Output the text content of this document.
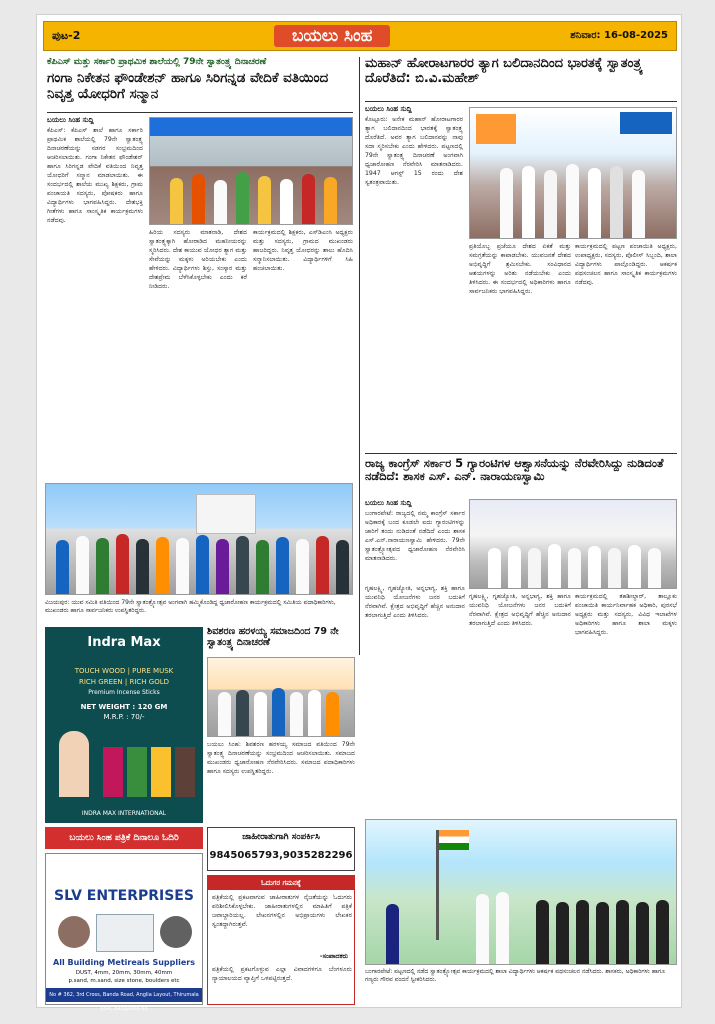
ಪುಟ-2	ಬಯಲು ಸಿಂಹ	ಶನಿವಾರ: 16-08-2025
ಕೆಪಿಎಸ್ ಮತ್ತು ಸರ್ಕಾರಿ ಪ್ರಾಥಮಿಕ ಶಾಲೆಯಲ್ಲಿ 79ನೇ ಸ್ವಾತಂತ್ರ್ಯ ದಿನಾಚರಣೆ
ಗಂಗಾ ನಿಕೇತನ ಫೌಂಡೇಶನ್ ಹಾಗೂ ಸಿರಿಗನ್ನಡ ವೇದಿಕೆ ವತಿಯಿಂದ ನಿವೃತ್ತ ಯೋಧರಿಗೆ ಸನ್ಮಾನ
ಬಯಲು ಸಿಂಹ ಸುದ್ದಿ
ಕೆಪಿಎಸ್: ಕೆಪಿಎಸ್ ಶಾಲೆ ಹಾಗೂ ಸರ್ಕಾರಿ ಪ್ರಾಥಮಿಕ ಶಾಲೆಯಲ್ಲಿ 79ನೇ ಸ್ವಾತಂತ್ರ್ಯ ದಿನಾಚರಣೆಯನ್ನು ಸಡಗರ ಸಂಭ್ರಮದಿಂದ ಆಚರಿಸಲಾಯಿತು. ಗಂಗಾ ನಿಕೇತನ ಫೌಂಡೇಶನ್ ಹಾಗೂ ಸಿರಿಗನ್ನಡ ವೇದಿಕೆ ವತಿಯಿಂದ ನಿವೃತ್ತ ಯೋಧರಿಗೆ ಸನ್ಮಾನ ಮಾಡಲಾಯಿತು. ಈ ಸಂದರ್ಭದಲ್ಲಿ ಶಾಲೆಯ ಮುಖ್ಯ ಶಿಕ್ಷಕರು, ಗ್ರಾಮ ಪಂಚಾಯತಿ ಸದಸ್ಯರು, ಪೋಷಕರು ಹಾಗೂ ವಿದ್ಯಾರ್ಥಿಗಳು ಭಾಗವಹಿಸಿದ್ದರು. ದೇಶಭಕ್ತಿ ಗೀತೆಗಳು ಹಾಗೂ ಸಾಂಸ್ಕೃತಿಕ ಕಾರ್ಯಕ್ರಮಗಳು ನಡೆದವು.
ಹಿರಿಯ ಸದಸ್ಯರು ಮಾತನಾಡಿ, ದೇಶದ ಸ್ವಾತಂತ್ರ್ಯಕ್ಕಾಗಿ ಹೋರಾಡಿದ ಮಹನೀಯರನ್ನು ಸ್ಮರಿಸಿದರು. ದೇಶ ಕಾಯುವ ಯೋಧರ ತ್ಯಾಗ ಮತ್ತು ಸೇವೆಯನ್ನು ಮಕ್ಕಳು ಅರಿಯಬೇಕು ಎಂದು ಹೇಳಿದರು. ವಿದ್ಯಾರ್ಥಿಗಳು ಶಿಸ್ತು, ಸಂಸ್ಕಾರ ಮತ್ತು ದೇಶಪ್ರೇಮ ಬೆಳೆಸಿಕೊಳ್ಳಬೇಕು ಎಂದು ಕರೆ ನೀಡಿದರು.
ಕಾರ್ಯಕ್ರಮದಲ್ಲಿ ಶಿಕ್ಷಕರು, ಎಸ್‌ಡಿಎಂಸಿ ಅಧ್ಯಕ್ಷರು ಮತ್ತು ಸದಸ್ಯರು, ಗ್ರಾಮದ ಮುಖಂಡರು ಹಾಜರಿದ್ದರು. ನಿವೃತ್ತ ಯೋಧರನ್ನು ಶಾಲು ಹೊದಿಸಿ ಸನ್ಮಾನಿಸಲಾಯಿತು. ವಿದ್ಯಾರ್ಥಿಗಳಿಗೆ ಸಿಹಿ ಹಂಚಲಾಯಿತು.
ಮಹಾನ್ ಹೋರಾಟಗಾರರ ತ್ಯಾಗ ಬಲಿದಾನದಿಂದ ಭಾರತಕ್ಕೆ ಸ್ವಾತಂತ್ರ್ಯ ದೊರೆತಿದೆ: ಬಿ.ವಿ.ಮಹೇಶ್
ಬಯಲು ಸಿಂಹ ಸುದ್ದಿ
ಕೊಟ್ಟೂರು: ಅನೇಕ ಮಹಾನ್ ಹೋರಾಟಗಾರರ ತ್ಯಾಗ ಬಲಿದಾನದಿಂದ ಭಾರತಕ್ಕೆ ಸ್ವಾತಂತ್ರ್ಯ ದೊರೆತಿದೆ. ಅವರ ತ್ಯಾಗ ಬಲಿದಾನವನ್ನು ನಾವು ಸದಾ ಸ್ಮರಿಸಬೇಕು ಎಂದು ಹೇಳಿದರು. ಪಟ್ಟಣದಲ್ಲಿ 79ನೇ ಸ್ವಾತಂತ್ರ್ಯ ದಿನಾಚರಣೆ ಅಂಗವಾಗಿ ಧ್ವಜಾರೋಹಣ ನೆರವೇರಿಸಿ ಮಾತನಾಡಿದರು. 1947 ಆಗಸ್ಟ್ 15 ರಂದು ದೇಶ ಸ್ವತಂತ್ರವಾಯಿತು.
ಪ್ರತಿಯೊಬ್ಬ ಪ್ರಜೆಯೂ ದೇಶದ ಏಕತೆ ಮತ್ತು ಸಮಗ್ರತೆಯನ್ನು ಕಾಪಾಡಬೇಕು. ಯುವಜನತೆ ದೇಶದ ಅಭಿವೃದ್ಧಿಗೆ ಶ್ರಮಿಸಬೇಕು. ಸಂವಿಧಾನದ ಆಶಯಗಳನ್ನು ಅರಿತು ನಡೆಯಬೇಕು ಎಂದು ತಿಳಿಸಿದರು. ಈ ಸಂದರ್ಭದಲ್ಲಿ ಅಧಿಕಾರಿಗಳು ಹಾಗೂ ಸಾರ್ವಜನಿಕರು ಭಾಗವಹಿಸಿದ್ದರು.
ಕಾರ್ಯಕ್ರಮದಲ್ಲಿ ಪಟ್ಟಣ ಪಂಚಾಯಿತಿ ಅಧ್ಯಕ್ಷರು, ಉಪಾಧ್ಯಕ್ಷರು, ಸದಸ್ಯರು, ಪೊಲೀಸ್ ಸಿಬ್ಬಂದಿ, ಶಾಲಾ ವಿದ್ಯಾರ್ಥಿಗಳು ಪಾಲ್ಗೊಂಡಿದ್ದರು. ಆಕರ್ಷಕ ಪಥಸಂಚಲನ ಹಾಗೂ ಸಾಂಸ್ಕೃತಿಕ ಕಾರ್ಯಕ್ರಮಗಳು ನಡೆದವು.
ರಾಜ್ಯ ಕಾಂಗ್ರೆಸ್ ಸರ್ಕಾರ 5 ಗ್ಯಾರಂಟಿಗಳ ಆಶ್ವಾಸನೆಯನ್ನು ನೆರವೇರಿಸಿದ್ದು ನುಡಿದಂತೆ ನಡೆದಿದೆ: ಶಾಸಕ ಎಸ್. ಎನ್. ನಾರಾಯಣಸ್ವಾಮಿ
ಬಯಲು ಸಿಂಹ ಸುದ್ದಿ
ಬಂಗಾರಪೇಟೆ: ರಾಜ್ಯದಲ್ಲಿ ನಮ್ಮ ಕಾಂಗ್ರೆಸ್ ಸರ್ಕಾರ ಅಧಿಕಾರಕ್ಕೆ ಬಂದ ಕೂಡಲೇ ಐದು ಗ್ಯಾರಂಟಿಗಳನ್ನು ಜಾರಿಗೆ ತಂದು ನುಡಿದಂತೆ ನಡೆದಿದೆ ಎಂದು ಶಾಸಕ ಎಸ್.ಎನ್.ನಾರಾಯಣಸ್ವಾಮಿ ಹೇಳಿದರು. 79ನೇ ಸ್ವಾತಂತ್ರ್ಯೋತ್ಸವದ ಧ್ವಜಾರೋಹಣ ನೆರವೇರಿಸಿ ಮಾತನಾಡಿದರು.
ಗೃಹಲಕ್ಷ್ಮಿ, ಗೃಹಜ್ಯೋತಿ, ಅನ್ನಭಾಗ್ಯ, ಶಕ್ತಿ ಹಾಗೂ ಯುವನಿಧಿ ಯೋಜನೆಗಳು ಜನರ ಬದುಕಿಗೆ ನೆರವಾಗಿವೆ. ಕ್ಷೇತ್ರದ ಅಭಿವೃದ್ಧಿಗೆ ಹೆಚ್ಚಿನ ಅನುದಾನ ತರಲಾಗುತ್ತಿದೆ ಎಂದು ತಿಳಿಸಿದರು.
ಕಾರ್ಯಕ್ರಮದಲ್ಲಿ ತಹಶೀಲ್ದಾರ್, ತಾಲ್ಲೂಕು ಪಂಚಾಯಿತಿ ಕಾರ್ಯನಿರ್ವಾಹಕ ಅಧಿಕಾರಿ, ಪುರಸಭೆ ಅಧ್ಯಕ್ಷರು ಮತ್ತು ಸದಸ್ಯರು, ವಿವಿಧ ಇಲಾಖೆಗಳ ಅಧಿಕಾರಿಗಳು ಹಾಗೂ ಶಾಲಾ ಮಕ್ಕಳು ಭಾಗವಹಿಸಿದ್ದರು.
ಗೃಹಲಕ್ಷ್ಮಿ, ಗೃಹಜ್ಯೋತಿ, ಅನ್ನಭಾಗ್ಯ, ಶಕ್ತಿ ಹಾಗೂ ಯುವನಿಧಿ ಯೋಜನೆಗಳು ಜನರ ಬದುಕಿಗೆ ನೆರವಾಗಿವೆ. ಕ್ಷೇತ್ರದ ಅಭಿವೃದ್ಧಿಗೆ ಹೆಚ್ಚಿನ ಅನುದಾನ ತರಲಾಗುತ್ತಿದೆ ಎಂದು ತಿಳಿಸಿದರು.
ವಿಜಯಪುರ: ಯುವ ಸಮಿತಿ ವತಿಯಿಂದ 79ನೇ ಸ್ವಾತಂತ್ರ್ಯೋತ್ಸವ ಅಂಗವಾಗಿ ಹಮ್ಮಿಕೊಂಡಿದ್ದ ಧ್ವಜಾರೋಹಣ ಕಾರ್ಯಕ್ರಮದಲ್ಲಿ ಸಮಿತಿಯ ಪದಾಧಿಕಾರಿಗಳು, ಮುಖಂಡರು ಹಾಗೂ ಸಾರ್ವಜನಿಕರು ಉಪಸ್ಥಿತರಿದ್ದರು.
Indra Max
TOUCH WOOD | PURE MUSK
RICH GREEN | RICH GOLD
Premium Incense Sticks
NET WEIGHT : 120 GM
M.R.P. : 70/-
INDRA MAX INTERNATIONAL
ಶಿವಶರಣ ಹರಳಯ್ಯ ಸಮಾಜದಿಂದ 79 ನೇ ಸ್ವಾತಂತ್ರ್ಯ ದಿನಾಚರಣೆ
ಬಯಲು ಸಿಂಹ: ಶಿವಶರಣ ಹರಳಯ್ಯ ಸಮಾಜದ ವತಿಯಿಂದ 79ನೇ ಸ್ವಾತಂತ್ರ್ಯ ದಿನಾಚರಣೆಯನ್ನು ಸಂಭ್ರಮದಿಂದ ಆಚರಿಸಲಾಯಿತು. ಸಮಾಜದ ಮುಖಂಡರು ಧ್ವಜಾರೋಹಣ ನೆರವೇರಿಸಿದರು. ಸಮಾಜದ ಪದಾಧಿಕಾರಿಗಳು ಹಾಗೂ ಸದಸ್ಯರು ಉಪಸ್ಥಿತರಿದ್ದರು.
ಬಯಲು ಸಿಂಹ ಪತ್ರಿಕೆ ದಿನಾಲೂ ಓದಿರಿ
SLV ENTERPRISES
All Building Metireals Suppliers
DUST, 4mm, 20mm, 30mm, 40mm
p.sand, m.sand, size stone, boulders etc
No # 362, 3rd Cross, Banda Road, Anglia Layout, Thirumala post, Bangalore-65
ಜಾಹೀರಾತುಗಾಗಿ ಸಂಪರ್ಕಿಸಿ
9845065793,9035282296
ಓದುಗರ ಗಮನಕ್ಕೆ
ಪತ್ರಿಕೆಯಲ್ಲಿ ಪ್ರಕಟವಾಗುವ ಜಾಹೀರಾತುಗಳ ನೈಜತೆಯನ್ನು ಓದುಗರು ಪರಿಶೀಲಿಸಿಕೊಳ್ಳಬೇಕು. ಜಾಹೀರಾತುಗಳಲ್ಲಿನ ಮಾಹಿತಿಗೆ ಪತ್ರಿಕೆ ಜವಾಬ್ದಾರಿಯಲ್ಲ. ಲೇಖನಗಳಲ್ಲಿನ ಅಭಿಪ್ರಾಯಗಳು ಲೇಖಕರ ಸ್ವಂತದ್ದಾಗಿರುತ್ತವೆ.
-ಸಂಪಾದಕರು
ಪತ್ರಿಕೆಯಲ್ಲಿ ಪ್ರಕಟಗೊಳ್ಳುವ ಎಲ್ಲಾ ವಿವಾದಗಳಿಗೂ ಬೆಂಗಳೂರು ನ್ಯಾಯಾಲಯದ ವ್ಯಾಪ್ತಿಗೆ ಒಳಪಟ್ಟಿರುತ್ತದೆ.
ಬಂಗಾರಪೇಟೆ: ಪಟ್ಟಣದಲ್ಲಿ ನಡೆದ ಸ್ವಾತಂತ್ರ್ಯೋತ್ಸವ ಕಾರ್ಯಕ್ರಮದಲ್ಲಿ ಶಾಲಾ ವಿದ್ಯಾರ್ಥಿಗಳು ಆಕರ್ಷಕ ಪಥಸಂಚಲನ ನಡೆಸಿದರು. ಶಾಸಕರು, ಅಧಿಕಾರಿಗಳು ಹಾಗೂ ಗಣ್ಯರು ಗೌರವ ವಂದನೆ ಸ್ವೀಕರಿಸಿದರು.
